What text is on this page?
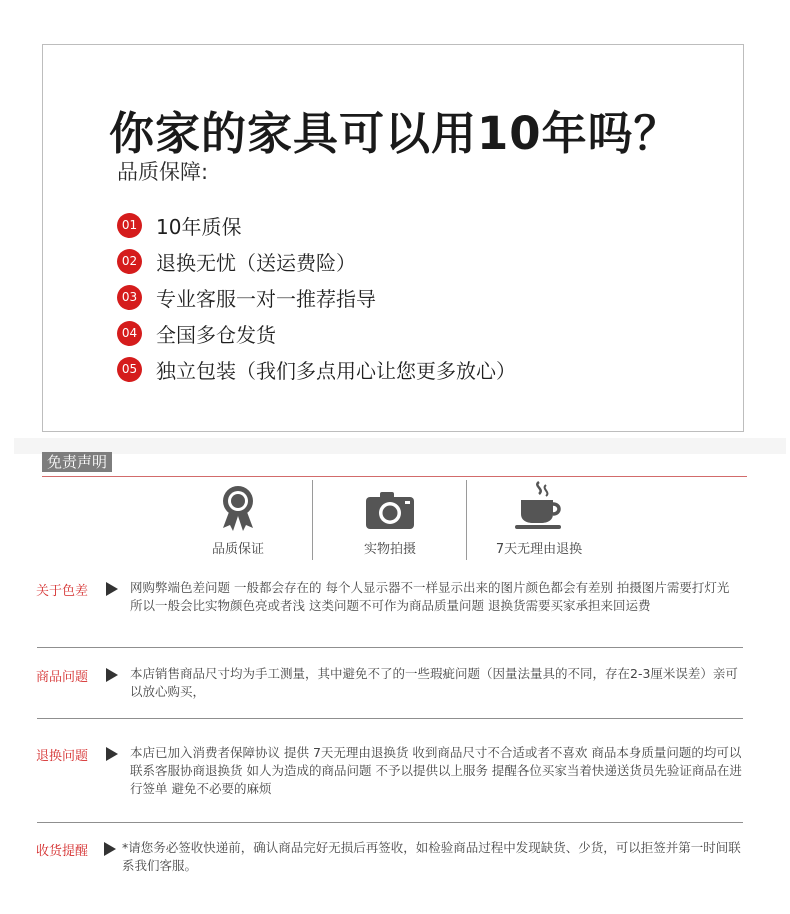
你家的家具可以用10年吗？
品质保障:
01 10年质保
02 退换无忧（送运费险）
03 专业客服一对一推荐指导
04 全国多仓发货
05 独立包装（我们多点用心让您更多放心）
免责声明
品质保证	实物拍摄	7天无理由退换
关于色差	网购弊端色差问题 一般都会存在的 每个人显示器不一样显示出来的图片颜色都会有差别 拍摄图片需要打灯光 所以一般会比实物颜色亮或者浅 这类问题不可作为商品质量问题 退换货需要买家承担来回运费

商品问题	本店销售商品尺寸均为手工测量，其中避免不了的一些瑕疵问题（因量法量具的不同，存在2-3厘米误差）亲可以放心购买，

退换问题	本店已加入消费者保障协议 提供 7天无理由退换货 收到商品尺寸不合适或者不喜欢 商品本身质量问题的均可以联系客服协商退换货 如人为造成的商品问题 不予以提供以上服务 提醒各位买家当着快递送货员先验证商品在进行签单 避免不必要的麻烦

收货提醒	*请您务必签收快递前，确认商品完好无损后再签收，如检验商品过程中发现缺货、少货，可以拒签并第一时间联系我们客服。
